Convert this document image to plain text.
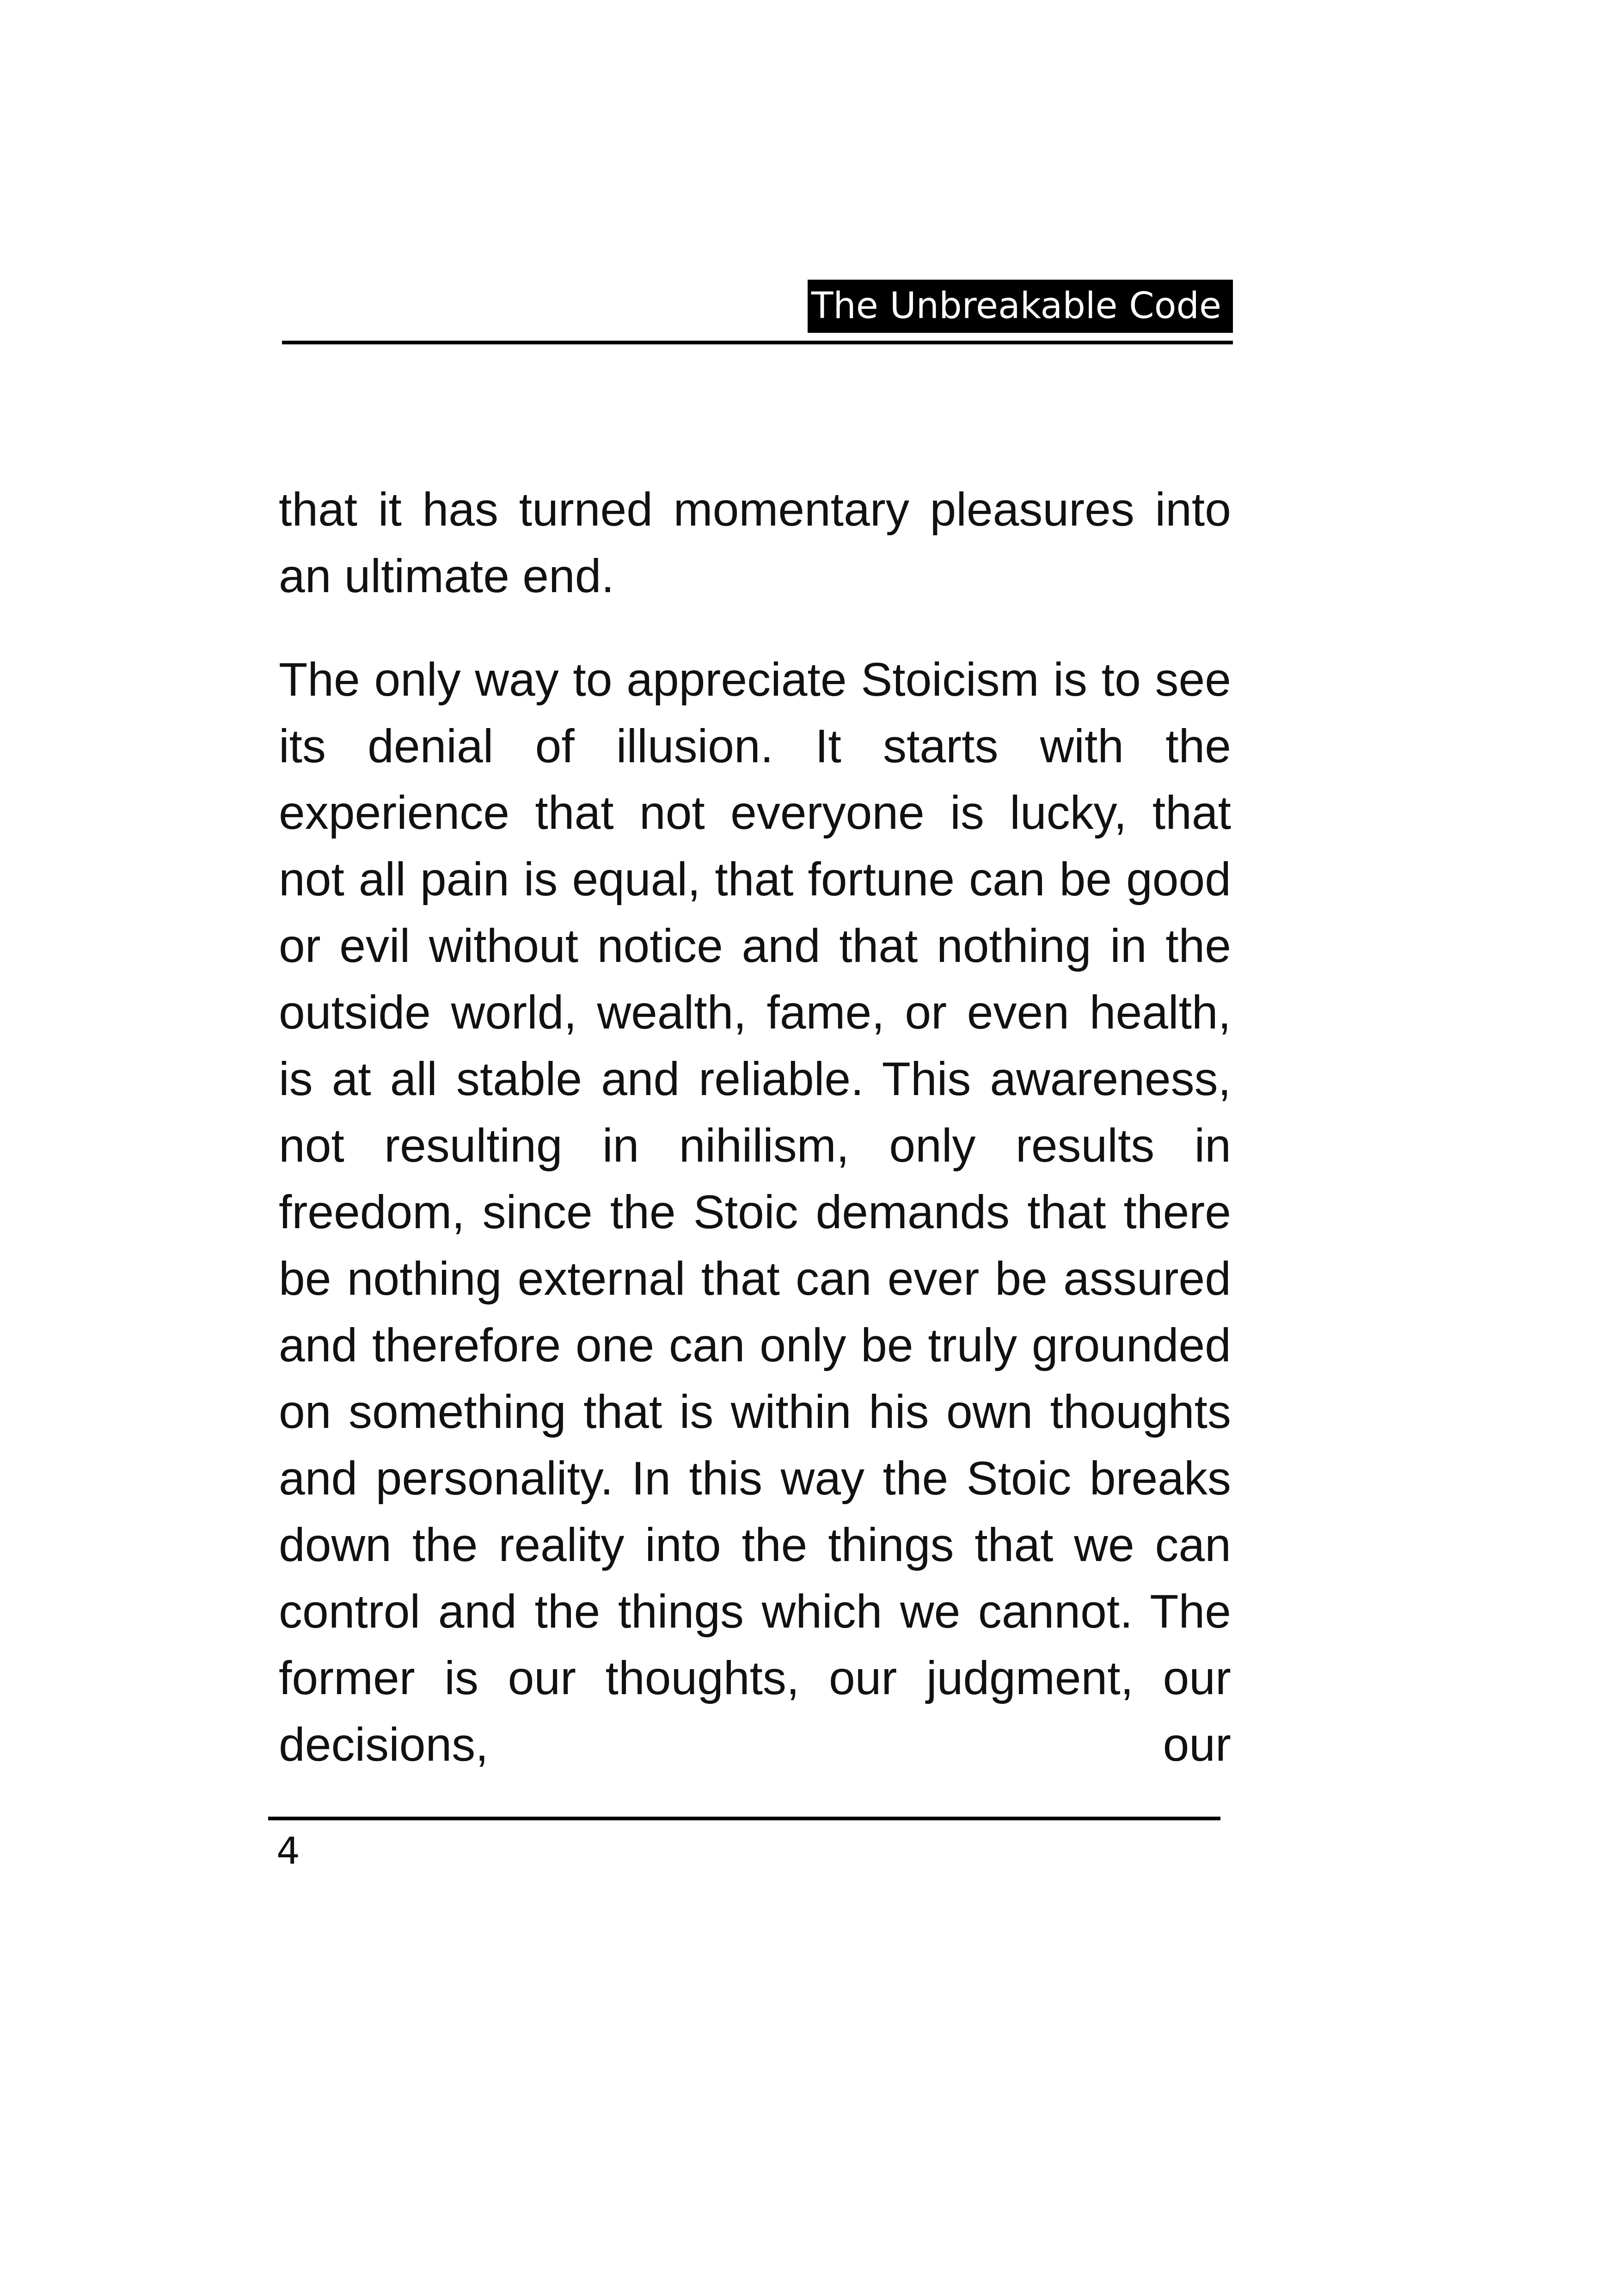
The Unbreakable Code

that it has turned momentary pleasures into an ultimate end.

The only way to appreciate Stoicism is to see its denial of illusion. It starts with the experience that not everyone is lucky, that not all pain is equal, that fortune can be good or evil without notice and that nothing in the outside world, wealth, fame, or even health, is at all stable and reliable. This awareness, not resulting in nihilism, only results in freedom, since the Stoic demands that there be nothing external that can ever be assured and therefore one can only be truly grounded on something that is within his own thoughts and personality. In this way the Stoic breaks down the reality into the things that we can control and the things which we cannot. The former is our thoughts, our judgment, our decisions, our

4
